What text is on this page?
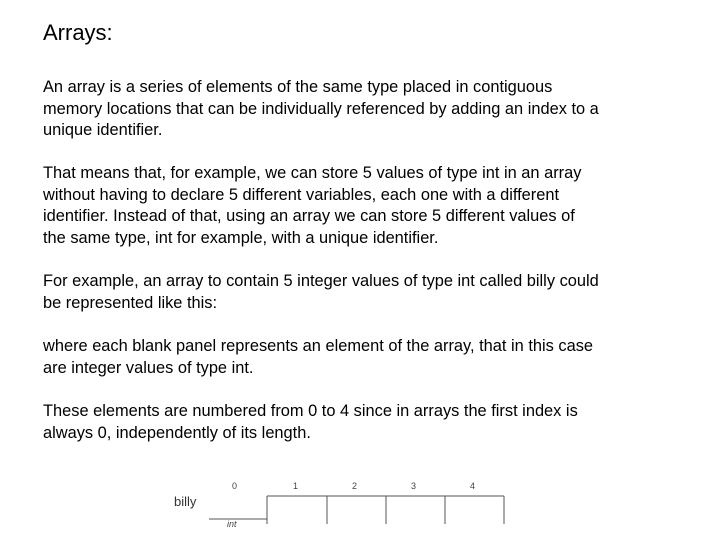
Arrays:
An array is a series of elements of the same type placed in contiguous
memory locations that can be individually referenced by adding an index to a
unique identifier.
That means that, for example, we can store 5 values of type int in an array
without having to declare 5 different variables, each one with a different
identifier. Instead of that, using an array we can store 5 different values of
the same type, int for example, with a unique identifier.
For example, an array to contain 5 integer values of type int called billy could
be represented like this:
where each blank panel represents an element of the array, that in this case
are integer values of type int.
These elements are numbered from 0 to 4 since in arrays the first index is
always 0, independently of its length.
billy
0	1	2	3	4
int
